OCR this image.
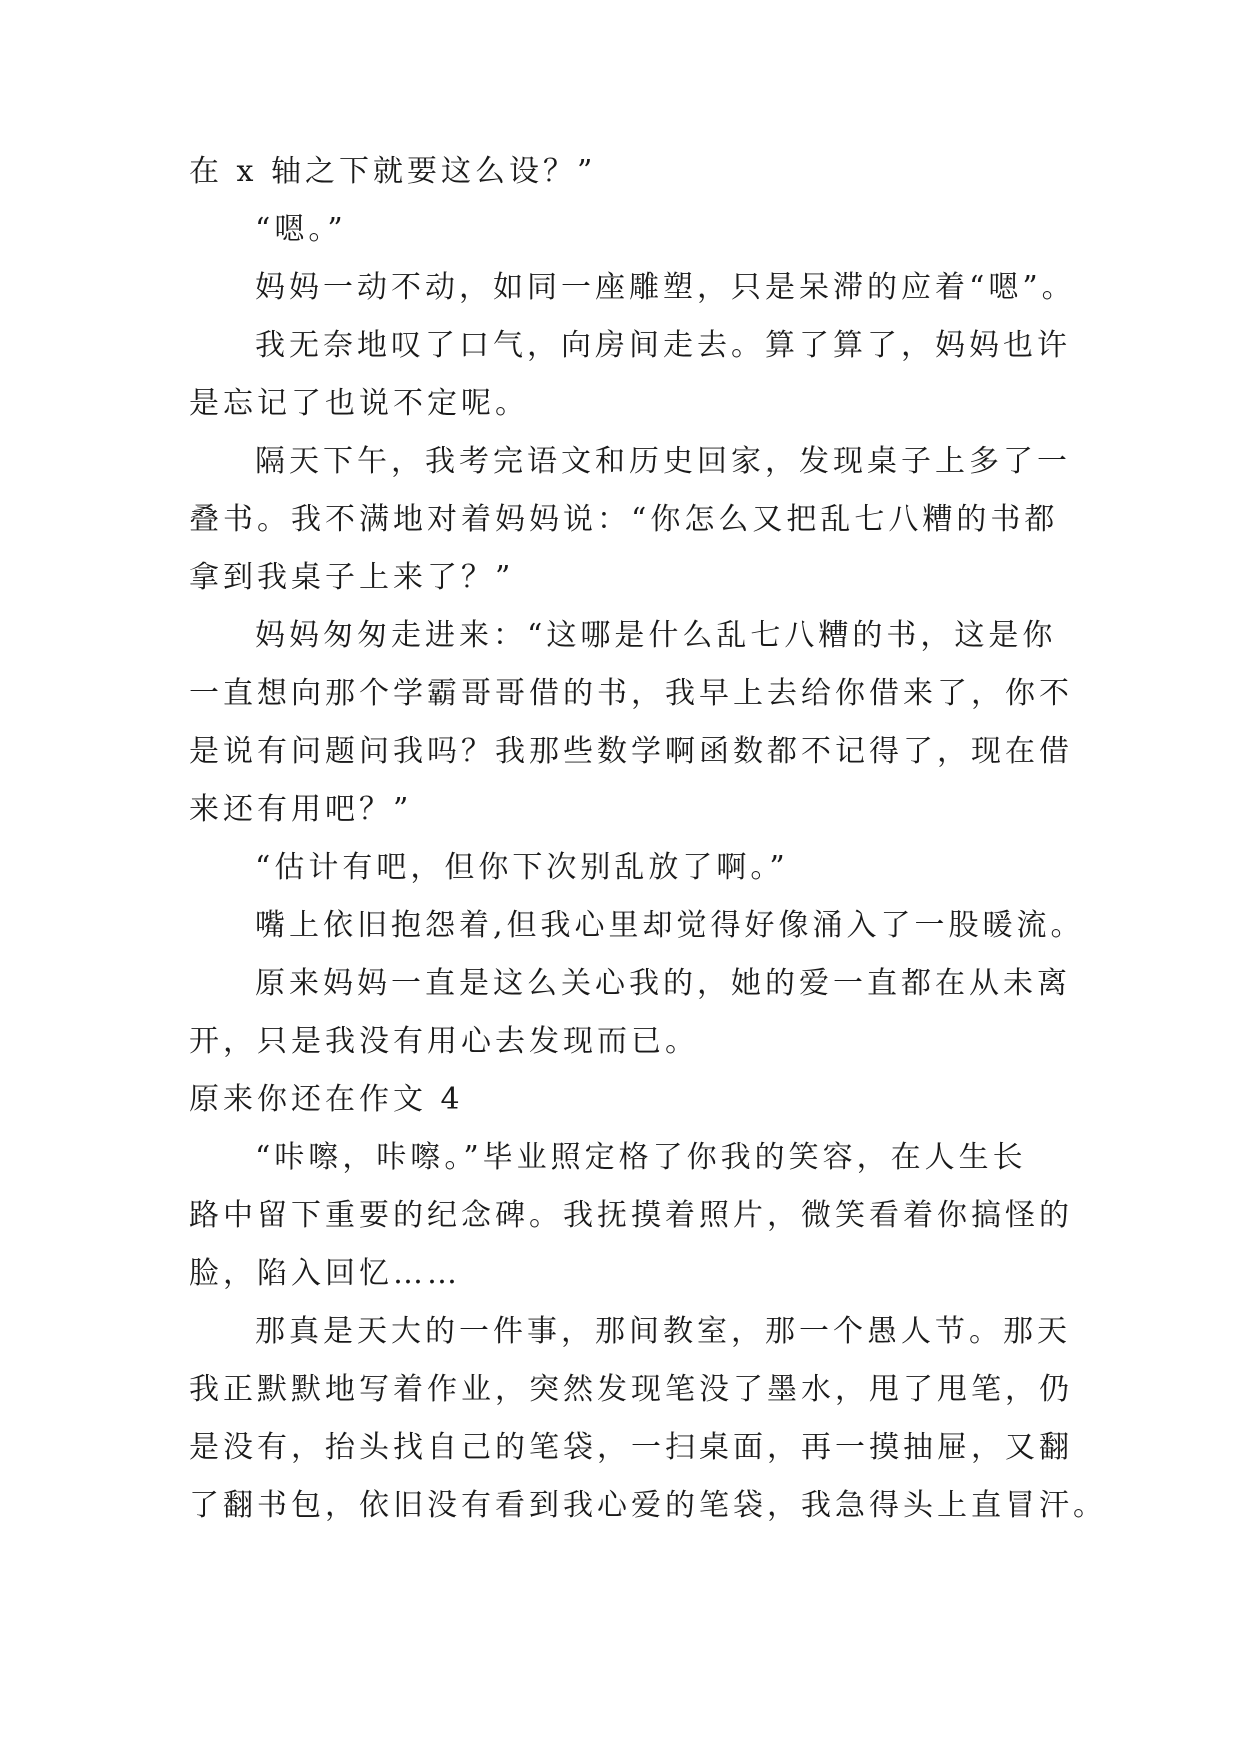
在 x 轴之下就要这么设？”
“嗯。”
妈妈一动不动，如同一座雕塑，只是呆滞的应着“嗯”。
我无奈地叹了口气，向房间走去。算了算了，妈妈也许
是忘记了也说不定呢。
隔天下午，我考完语文和历史回家，发现桌子上多了一
叠书。我不满地对着妈妈说：“你怎么又把乱七八糟的书都
拿到我桌子上来了？”
妈妈匆匆走进来：“这哪是什么乱七八糟的书，这是你
一直想向那个学霸哥哥借的书，我早上去给你借来了，你不
是说有问题问我吗？我那些数学啊函数都不记得了，现在借
来还有用吧？”
“估计有吧，但你下次别乱放了啊。”
嘴上依旧抱怨着,但我心里却觉得好像涌入了一股暖流。
原来妈妈一直是这么关心我的，她的爱一直都在从未离
开，只是我没有用心去发现而已。
原来你还在作文 4
“咔嚓，咔嚓。”毕业照定格了你我的笑容，在人生长
路中留下重要的纪念碑。我抚摸着照片，微笑看着你搞怪的
脸，陷入回忆……
那真是天大的一件事，那间教室，那一个愚人节。那天
我正默默地写着作业，突然发现笔没了墨水，甩了甩笔，仍
是没有，抬头找自己的笔袋，一扫桌面，再一摸抽屉，又翻
了翻书包，依旧没有看到我心爱的笔袋，我急得头上直冒汗。
